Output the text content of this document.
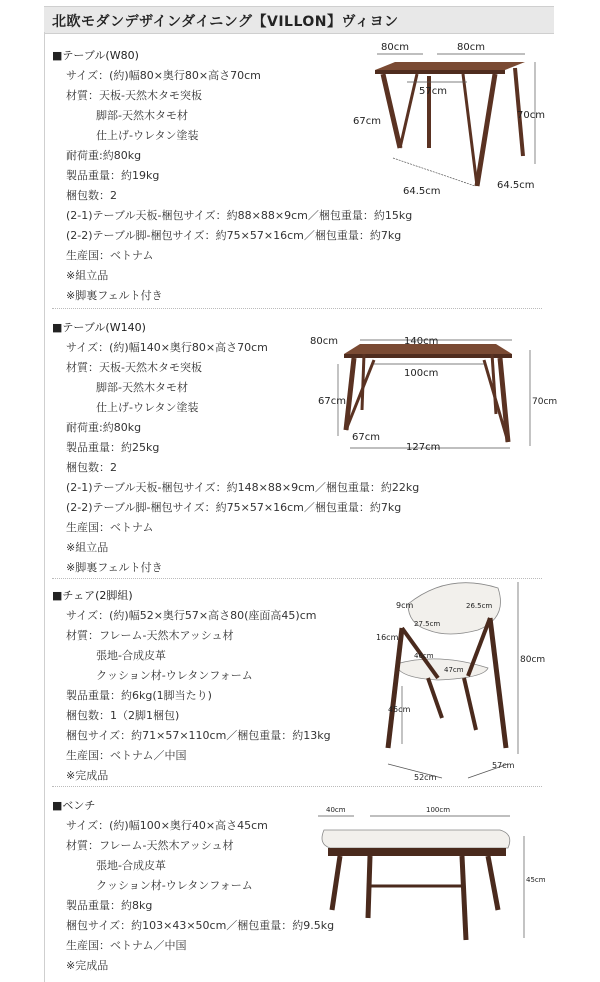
北欧モダンデザインダイニング【VILLON】ヴィヨン
■テーブル(W80)
サイズ：(約)幅80×奥行80×高さ70cm
材質：天板-天然木タモ突板
脚部-天然木タモ材
仕上げ-ウレタン塗装
耐荷重:約80kg
製品重量：約19kg
梱包数：2
(2-1)テーブル天板-梱包サイズ：約88×88×9cm／梱包重量：約15kg
(2-2)テーブル脚-梱包サイズ：約75×57×16cm／梱包重量：約7kg
生産国：ベトナム
※組立品
※脚裏フェルト付き
80cm	80cm
57cm
67cm
70cm
64.5cm
64.5cm
■テーブル(W140)
サイズ：(約)幅140×奥行80×高さ70cm
材質：天板-天然木タモ突板
脚部-天然木タモ材
仕上げ-ウレタン塗装
耐荷重:約80kg
製品重量：約25kg
梱包数：2
(2-1)テーブル天板-梱包サイズ：約148×88×9cm／梱包重量：約22kg
(2-2)テーブル脚-梱包サイズ：約75×57×16cm／梱包重量：約7kg
生産国：ベトナム
※組立品
※脚裏フェルト付き
80cm	140cm
100cm
67cm	70cm
67cm
127cm
■チェア(2脚組)
サイズ：(約)幅52×奥行57×高さ80(座面高45)cm
材質：フレーム-天然木アッシュ材
張地-合成皮革
クッション材-ウレタンフォーム
製品重量：約6kg(1脚当たり)
梱包数：1（2脚1梱包)
梱包サイズ：約71×57×110cm／梱包重量：約13kg
生産国：ベトナム／中国
※完成品
9cm	26.5cm
27.5cm
16cm
46cm
47cm
45cm
80cm
52cm
57cm
■ベンチ
サイズ：(約)幅100×奥行40×高さ45cm
材質：フレーム-天然木アッシュ材
張地-合成皮革
クッション材-ウレタンフォーム
製品重量：約8kg
梱包サイズ：約103×43×50cm／梱包重量：約9.5kg
生産国：ベトナム／中国
※完成品
40cm	100cm
45cm
